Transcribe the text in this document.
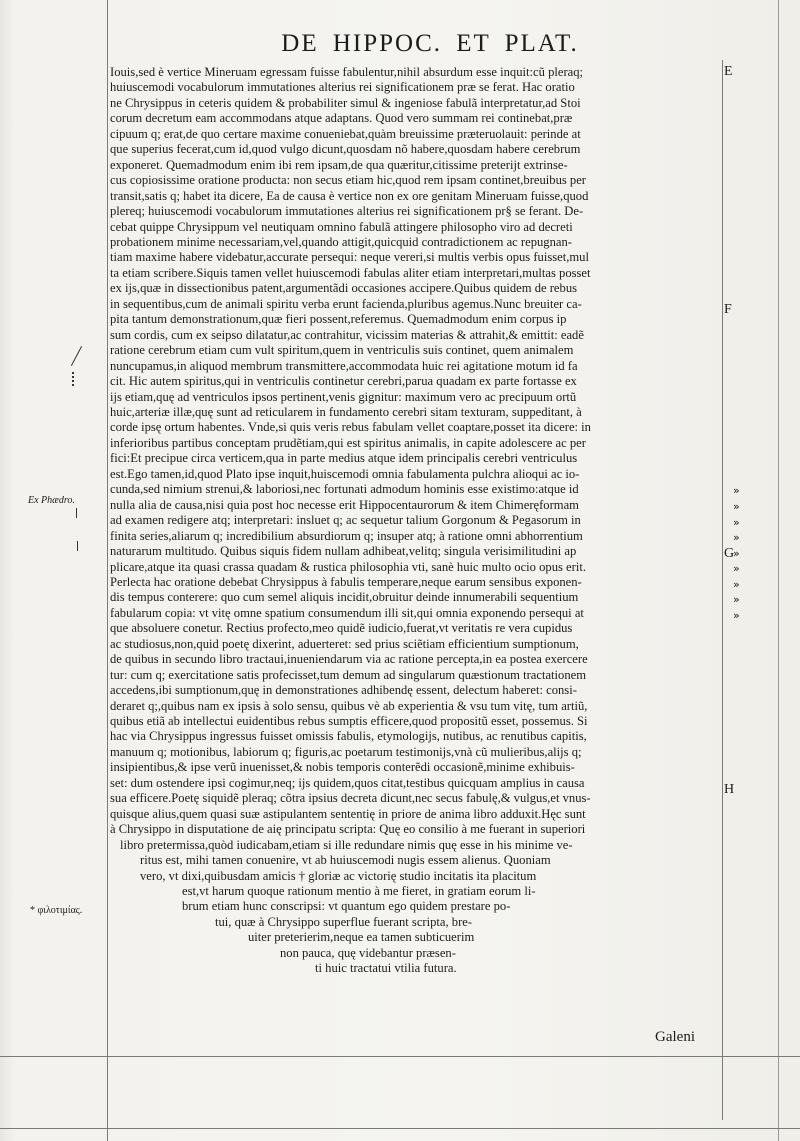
DE HIPPOC. ET PLAT.
Iouis,sed è vertice Mineruam egressam fuisse fabulentur,nihil absurdum esse inquit:cũ pleraq;
huiuscemodi vocabulorum immutationes alterius rei significationem præ se ferat. Hac oratio
ne Chrysippus in ceteris quidem & probabiliter simul & ingeniose fabulã interpretatur,ad Stoi
corum decretum eam accommodans atque adaptans. Quod vero summam rei continebat,præ
cipuum q; erat,de quo certare maxime conueniebat,quàm breuissime præteruolauit: perinde at
que superius fecerat,cum id,quod vulgo dicunt,quosdam nõ habere,quosdam habere cerebrum
exponeret. Quemadmodum enim ibi rem ipsam,de qua quæritur,citissime preterijt extrinse-
cus copiosissime oratione producta: non secus etiam hic,quod rem ipsam continet,breuibus per
transit,satis q; habet ita dicere, Ea de causa è vertice non ex ore genitam Mineruam fuisse,quod
plereq; huiuscemodi vocabulorum immutationes alterius rei significationem pr§ se ferant. De-
cebat quippe Chrysippum vel neutiquam omnino fabulã attingere philosopho viro ad decreti
probationem minime necessariam,vel,quando attigit,quicquid contradictionem ac repugnan-
tiam maxime habere videbatur,accurate persequi: neque vereri,si multis verbis opus fuisset,mul
ta etiam scribere.Siquis tamen vellet huiuscemodi fabulas aliter etiam interpretari,multas posset
ex ijs,quæ in dissectionibus patent,argumentãdi occasiones accipere.Quibus quidem de rebus
in sequentibus,cum de animali spiritu verba erunt facienda,pluribus agemus.Nunc breuiter ca-
pita tantum demonstrationum,quæ fieri possent,referemus. Quemadmodum enim corpus ip
sum cordis, cum ex seipso dilatatur,ac contrahitur, vicissim materias & attrahit,& emittit: eadẽ
ratione cerebrum etiam cum vult spiritum,quem in ventriculis suis continet, quem animalem
nuncupamus,in aliquod membrum transmittere,accommodata huic rei agitatione motum id fa
cit. Hic autem spiritus,qui in ventriculis continetur cerebri,parua quadam ex parte fortasse ex
ijs etiam,quę ad ventriculos ipsos pertinent,venis gignitur: maximum vero ac precipuum ortũ
huic,arteriæ illæ,quę sunt ad reticularem in fundamento cerebri sitam texturam, suppeditant, à
corde ipsę ortum habentes. Vnde,si quis veris rebus fabulam vellet coaptare,posset ita dicere: in
inferioribus partibus conceptam prudẽtiam,qui est spiritus animalis, in capite adolescere ac per
fici:Et precipue circa verticem,qua in parte medius atque idem principalis cerebri ventriculus
est.Ego tamen,id,quod Plato ipse inquit,huiscemodi omnia fabulamenta pulchra alioqui ac io-
cunda,sed nimium strenui,& laboriosi,nec fortunati admodum hominis esse existimo:atque id
nulla alia de causa,nisi quia post hoc necesse erit Hippocentaurorum & item Chimeręformam
ad examen redigere atq; interpretari: insluet q; ac sequetur talium Gorgonum & Pegasorum in
finita series,aliarum q; incredibilium absurdiorum q; insuper atq; à ratione omni abhorrentium
naturarum multitudo. Quibus siquis fidem nullam adhibeat,velitq; singula verisimilitudini ap
plicare,atque ita quasi crassa quadam & rustica philosophia vti, sanè huic multo ocio opus erit.
Perlecta hac oratione debebat Chrysippus à fabulis temperare,neque earum sensibus exponen-
dis tempus conterere: quo cum semel aliquis incidit,obruitur deinde innumerabili sequentium
fabularum copia: vt vitę omne spatium consumendum illi sit,qui omnia exponendo persequi at
que absoluere conetur. Rectius profecto,meo quidẽ iudicio,fuerat,vt veritatis re vera cupidus
ac studiosus,non,quid poetę dixerint, aduerteret: sed prius sciẽtiam efficientium sumptionum,
de quibus in secundo libro tractaui,inueniendarum via ac ratione percepta,in ea postea exercere
tur: cum q; exercitatione satis profecisset,tum demum ad singularum quæstionum tractationem
accedens,ibi sumptionum,quę in demonstrationes adhibendę essent, delectum haberet: consi-
deraret q;,quibus nam ex ipsis à solo sensu, quibus vè ab experientia & vsu tum vitę, tum artiũ,
quibus etiã ab intellectui euidentibus rebus sumptis efficere,quod propositũ esset, possemus. Si
hac via Chrysippus ingressus fuisset omissis fabulis, etymologijs, nutibus, ac renutibus capitis,
manuum q; motionibus, labiorum q; figuris,ac poetarum testimonijs,vnà cũ mulieribus,alijs q;
insipientibus,& ipse verũ inuenisset,& nobis temporis conterẽdi occasionẽ,minime exhibuis-
set: dum ostendere ipsi cogimur,neq; ijs quidem,quos citat,testibus quicquam amplius in causa
sua efficere.Poetę siquidẽ pleraq; cõtra ipsius decreta dicunt,nec secus fabulę,& vulgus,et vnus-
quisque alius,quem quasi suæ astipulantem sententię in priore de anima libro adduxit.Hęc sunt
à Chrysippo in disputatione de aię principatu scripta: Quę eo consilio à me fuerant in superiori
libro pretermissa,quòd iudicabam,etiam si ille redundare nimis quę esse in his minime ve-
ritus est, mihi tamen conuenire, vt ab huiuscemodi nugis essem alienus. Quoniam
vero, vt dixi,quibusdam amicis † gloriæ ac victorię studio incitatis ita placitum
est,vt harum quoque rationum mentio à me fieret, in gratiam eorum li-
brum etiam hunc conscripsi: vt quantum ego quidem prestare po-
tui, quæ à Chrysippo superflue fuerant scripta, bre-
uiter preterierim,neque ea tamen subticuerim
non pauca, quę videbantur præsen-
ti huic tractatui vtilia futura.
E
F
G
H
Ex Phædro.
* φιλοτιμίας.
»
»
»
»
»
»
»
»
»
Galeni
